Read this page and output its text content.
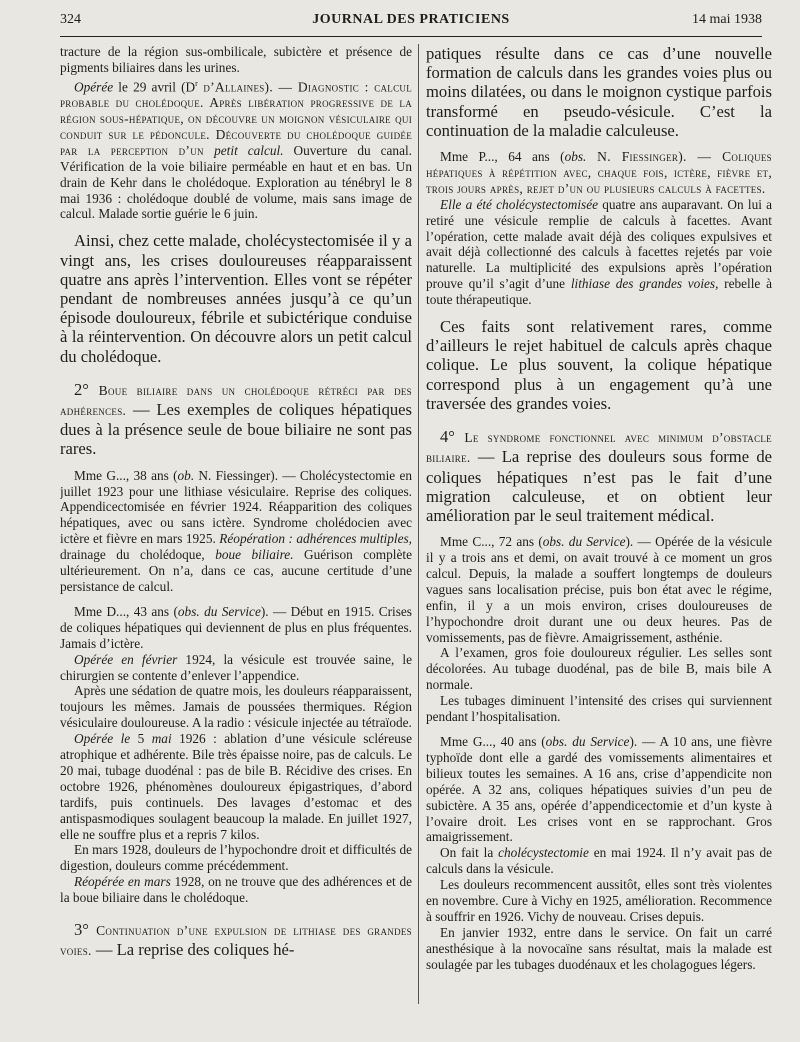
324	JOURNAL DES PRATICIENS	14 mai 1938

tracture de la région sus-ombilicale, subictère et présence de pigments biliaires dans les urines.

Opérée le 29 avril ($D^r$ d’Allaines). — Diagnostic : calcul probable du cholédoque. Après libération progressive de la région sous-hépatique, on découvre un moignon vésiculaire qui conduit sur le pédoncule. Découverte du cholédoque guidée par la perception d’un petit calcul. Ouverture du canal. Vérification de la voie biliaire perméable en haut et en bas. Un drain de Kehr dans le cholédoque. Exploration au ténébryl le 8 mai 1936 : cholédoque doublé de volume, mais sans image de calcul. Malade sortie guérie le 6 juin.

Ainsi, chez cette malade, cholécystectomisée il y a vingt ans, les crises douloureuses réapparaissent quatre ans après l’intervention. Elles vont se répéter pendant de nombreuses années jusqu’à ce qu’un épisode douloureux, fébrile et subictérique conduise à la réintervention. On découvre alors un petit calcul du cholédoque.

2° Boue biliaire dans un cholédoque rétréci par des adhérences. — Les exemples de coliques hépatiques dues à la présence seule de boue biliaire ne sont pas rares.

Mme G..., 38 ans (ob. N. Fiessinger). — Cholécystectomie en juillet 1923 pour une lithiase vésiculaire. Reprise des coliques. Appendicectomisée en février 1924. Réapparition des coliques hépatiques, avec ou sans ictère. Syndrome cholédocien avec ictère et fièvre en mars 1925. Réopération : adhérences multiples, drainage du cholédoque, boue biliaire. Guérison complète ultérieurement. On n’a, dans ce cas, aucune certitude d’une persistance de calcul.

Mme D..., 43 ans (obs. du Service). — Début en 1915. Crises de coliques hépatiques qui deviennent de plus en plus fréquentes. Jamais d’ictère.

Opérée en février 1924, la vésicule est trouvée saine, le chirurgien se contente d’enlever l’appendice.

Après une sédation de quatre mois, les douleurs réapparaissent, toujours les mêmes. Jamais de poussées thermiques. Région vésiculaire douloureuse. A la radio : vésicule injectée au tétraïode.

Opérée le 5 mai 1926 : ablation d’une vésicule scléreuse atrophique et adhérente. Bile très épaisse noire, pas de calculs. Le 20 mai, tubage duodénal : pas de bile B. Récidive des crises. En octobre 1926, phénomènes douloureux épigastriques, d’abord tardifs, puis continuels. Des lavages d’estomac et des antispasmodiques soulagent beaucoup la malade. En juillet 1927, elle ne souffre plus et a repris 7 kilos.

En mars 1928, douleurs de l’hypochondre droit et difficultés de digestion, douleurs comme précédemment.

Réopérée en mars 1928, on ne trouve que des adhérences et de la boue biliaire dans le cholédoque.

3° Continuation d’une expulsion de lithiase des grandes voies. — La reprise des coliques hé-

patiques résulte dans ce cas d’une nouvelle formation de calculs dans les grandes voies plus ou moins dilatées, ou dans le moignon cystique parfois transformé en pseudo-vésicule. C’est la continuation de la maladie calculeuse.

Mme P..., 64 ans (obs. N. Fiessinger). — Coliques hépatiques à répétition avec, chaque fois, ictère, fièvre et, trois jours après, rejet d’un ou plusieurs calculs à facettes.

Elle a été cholécystectomisée quatre ans auparavant. On lui a retiré une vésicule remplie de calculs à facettes. Avant l’opération, cette malade avait déjà des coliques expulsives et avait déjà collectionné des calculs à facettes rejetés par voie naturelle. La multiplicité des expulsions après l’opération prouve qu’il s’agit d’une lithiase des grandes voies, rebelle à toute thérapeutique.

Ces faits sont relativement rares, comme d’ailleurs le rejet habituel de calculs après chaque colique. Le plus souvent, la colique hépatique correspond plus à un engagement qu’à une traversée des grandes voies.

4° Le syndrome fonctionnel avec minimum d’obstacle biliaire. — La reprise des douleurs sous forme de coliques hépatiques n’est pas le fait d’une migration calculeuse, et on obtient leur amélioration par le seul traitement médical.

Mme C..., 72 ans (obs. du Service). — Opérée de la vésicule il y a trois ans et demi, on avait trouvé à ce moment un gros calcul. Depuis, la malade a souffert longtemps de douleurs vagues sans localisation précise, puis bon état avec le régime, enfin, il y a un mois environ, crises douloureuses de l’hypochondre droit durant une ou deux heures. Pas de vomissements, pas de fièvre. Amaigrissement, asthénie.

A l’examen, gros foie douloureux régulier. Les selles sont décolorées. Au tubage duodénal, pas de bile B, mais bile A normale.

Les tubages diminuent l’intensité des crises qui surviennent pendant l’hospitalisation.

Mme G..., 40 ans (obs. du Service). — A 10 ans, une fièvre typhoïde dont elle a gardé des vomissements alimentaires et bilieux toutes les semaines. A 16 ans, crise d’appendicite non opérée. A 32 ans, coliques hépatiques suivies d’un peu de subictère. A 35 ans, opérée d’appendicectomie et d’un kyste à l’ovaire droit. Les crises vont en se rapprochant. Gros amaigrissement.

On fait la cholécystectomie en mai 1924. Il n’y avait pas de calculs dans la vésicule.

Les douleurs recommencent aussitôt, elles sont très violentes en novembre. Cure à Vichy en 1925, amélioration. Recommence à souffrir en 1926. Vichy de nouveau. Crises depuis.

En janvier 1932, entre dans le service. On fait un carré anesthésique à la novocaïne sans résultat, mais la malade est soulagée par les tubages duodénaux et les cholagogues légers.
